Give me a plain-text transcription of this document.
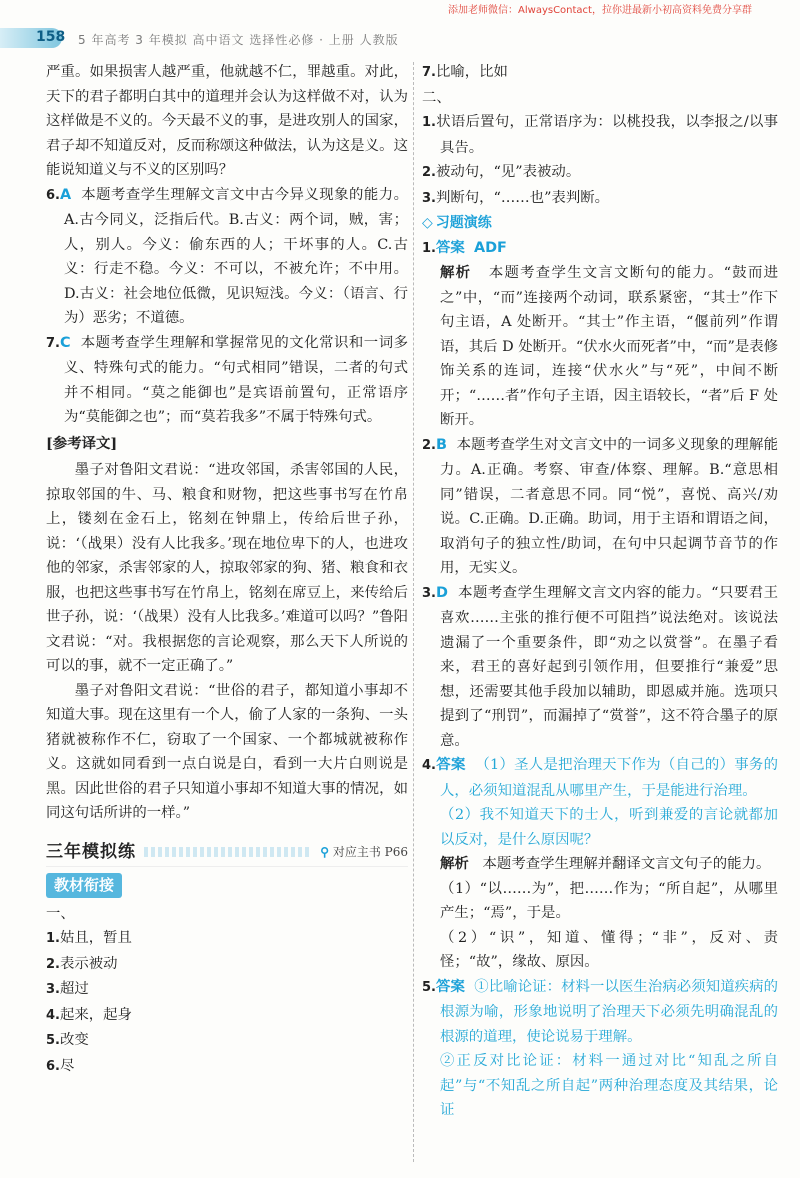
添加老师微信：AlwaysContact，拉你进最新小初高资料免费分享群
158 5 年高考 3 年模拟 高中语文 选择性必修 · 上册 人教版

严重。如果损害人越严重，他就越不仁，罪越重。对此，天下的君子都明白其中的道理并会认为这样做不对，认为这样做是不义的。今天最不义的事，是进攻别人的国家，君子却不知道反对，反而称颂这种做法，认为这是义。这能说知道义与不义的区别吗？

6.A 本题考查学生理解文言文中古今异义现象的能力。A.古今同义，泛指后代。B.古义：两个词，贼，害；人，别人。今义：偷东西的人；干坏事的人。C.古义：行走不稳。今义：不可以，不被允许；不中用。D.古义：社会地位低微，见识短浅。今义：（语言、行为）恶劣；不道德。

7.C 本题考查学生理解和掌握常见的文化常识和一词多义、特殊句式的能力。“句式相同”错误，二者的句式并不相同。“莫之能御也”是宾语前置句，正常语序为“莫能御之也”；而“莫若我多”不属于特殊句式。

[参考译文]

墨子对鲁阳文君说：“进攻邻国，杀害邻国的人民，掠取邻国的牛、马、粮食和财物，把这些事书写在竹帛上，镂刻在金石上，铭刻在钟鼎上，传给后世子孙，说：‘（战果）没有人比我多。’现在地位卑下的人，也进攻他的邻家，杀害邻家的人，掠取邻家的狗、猪、粮食和衣服，也把这些事书写在竹帛上，铭刻在席豆上，来传给后世子孙，说：‘（战果）没有人比我多。’难道可以吗？”鲁阳文君说：“对。我根据您的言论观察，那么天下人所说的可以的事，就不一定正确了。”

墨子对鲁阳文君说：“世俗的君子，都知道小事却不知道大事。现在这里有一个人，偷了人家的一条狗、一头猪就被称作不仁，窃取了一个国家、一个都城就被称作义。这就如同看到一点白说是白，看到一大片白则说是黑。因此世俗的君子只知道小事却不知道大事的情况，如同这句话所讲的一样。”

三年模拟练	⚲ 对应主书 P66
教材衔接

一、

1.姑且，暂且

2.表示被动

3.超过

4.起来，起身

5.改变

6.尽

7.比喻，比如

二、

1.状语后置句，正常语序为：以桃投我，以李报之/以事具告。

2.被动句，“见”表被动。

3.判断句，“……也”表判断。

◇ 习题演练

1.答案 ADF

解析 本题考查学生文言文断句的能力。“鼓而进之”中，“而”连接两个动词，联系紧密，“其士”作下句主语，A 处断开。“其士”作主语，“偃前列”作谓语，其后 D 处断开。“伏水火而死者”中，“而”是表修饰关系的连词，连接“伏水火”与“死”，中间不断开；“……者”作句子主语，因主语较长，“者”后 F 处断开。

2.B 本题考查学生对文言文中的一词多义现象的理解能力。A.正确。考察、审查/体察、理解。B.“意思相同”错误，二者意思不同。同“悦”，喜悦、高兴/劝说。C.正确。D.正确。助词，用于主语和谓语之间，取消句子的独立性/助词，在句中只起调节音节的作用，无实义。

3.D 本题考查学生理解文言文内容的能力。“只要君王喜欢……主张的推行便不可阻挡”说法绝对。该说法遗漏了一个重要条件，即“劝之以赏誉”。在墨子看来，君王的喜好起到引领作用，但要推行“兼爱”思想，还需要其他手段加以辅助，即恩威并施。选项只提到了“刑罚”，而漏掉了“赏誉”，这不符合墨子的原意。

4.答案 （1）圣人是把治理天下作为（自己的）事务的人，必须知道混乱从哪里产生，于是能进行治理。

（2）我不知道天下的士人，听到兼爱的言论就都加以反对，是什么原因呢？

解析 本题考查学生理解并翻译文言文句子的能力。

（1）“以……为”，把……作为；“所自起”，从哪里产生；“焉”，于是。

（2）“识”，知道、懂得；“非”，反对、责怪；“故”，缘故、原因。

5.答案 ①比喻论证：材料一以医生治病必须知道疾病的根源为喻，形象地说明了治理天下必须先明确混乱的根源的道理，使论说易于理解。

②正反对比论证：材料一通过对比“知乱之所自起”与“不知乱之所自起”两种治理态度及其结果，论证
